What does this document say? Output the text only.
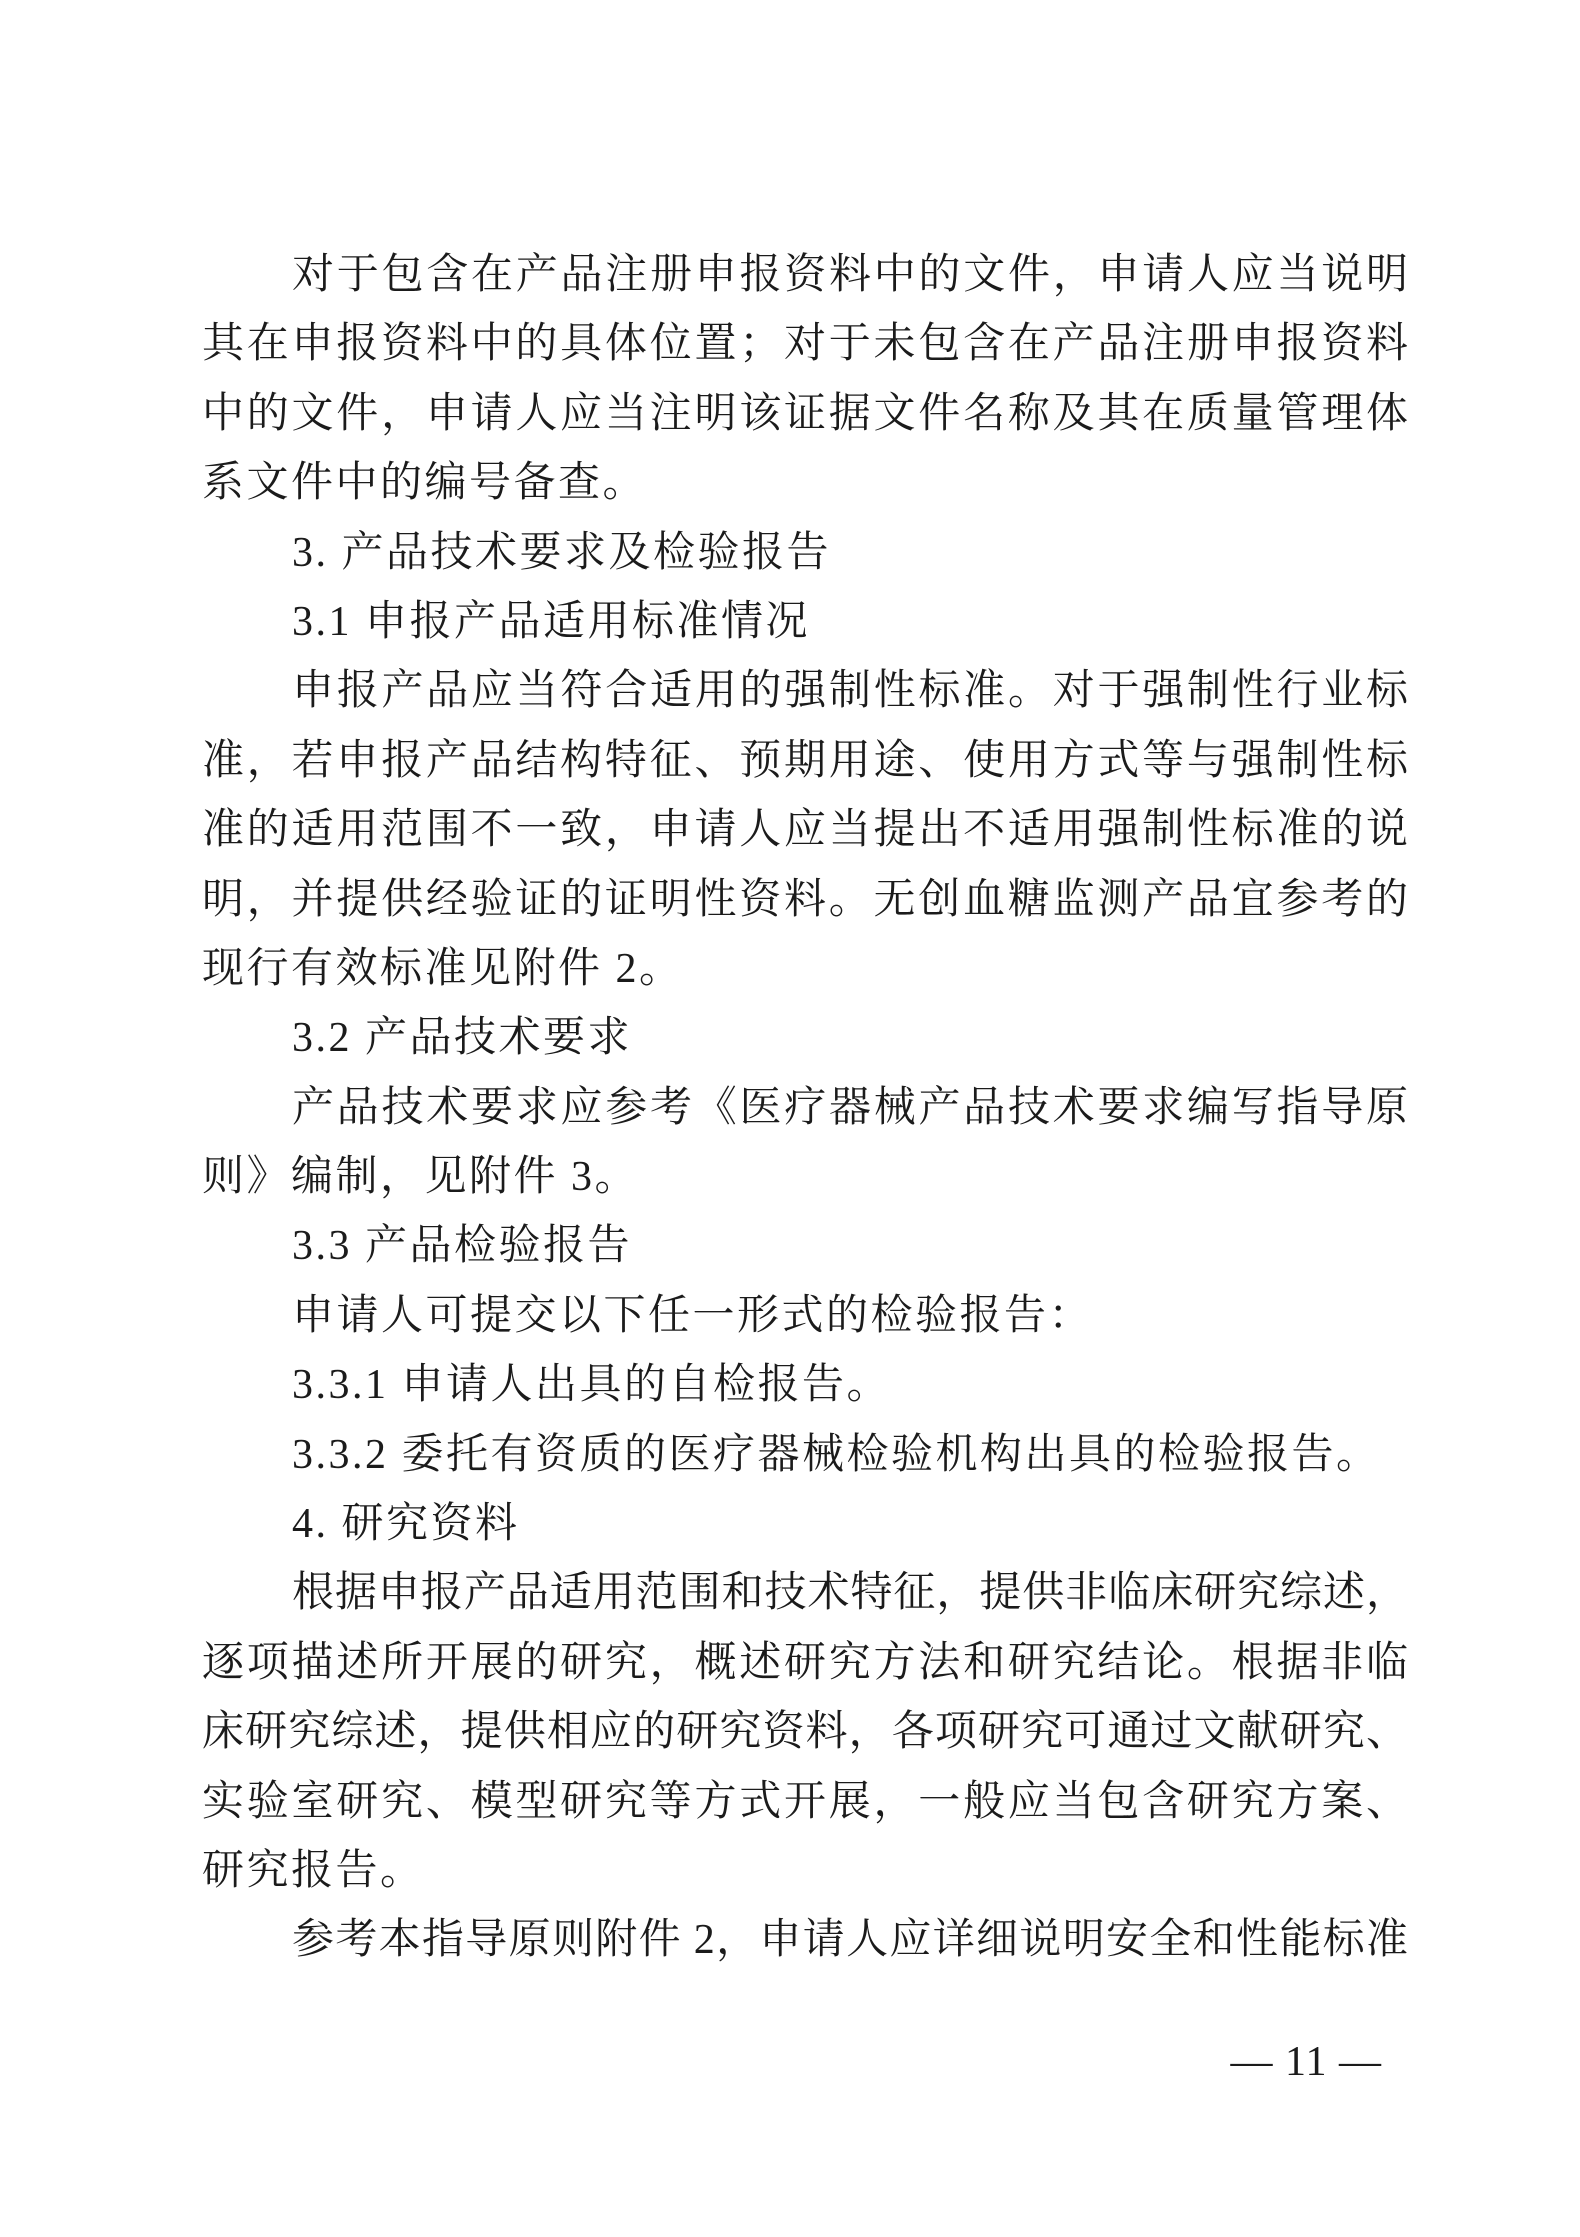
对于包含在产品注册申报资料中的文件，申请人应当说明
其在申报资料中的具体位置；对于未包含在产品注册申报资料
中的文件，申请人应当注明该证据文件名称及其在质量管理体
系文件中的编号备查。
3. 产品技术要求及检验报告
3.1 申报产品适用标准情况
申报产品应当符合适用的强制性标准。对于强制性行业标
准，若申报产品结构特征、预期用途、使用方式等与强制性标
准的适用范围不一致，申请人应当提出不适用强制性标准的说
明，并提供经验证的证明性资料。无创血糖监测产品宜参考的
现行有效标准见附件 2。
3.2 产品技术要求
产品技术要求应参考《医疗器械产品技术要求编写指导原
则》编制，见附件 3。
3.3 产品检验报告
申请人可提交以下任一形式的检验报告：
3.3.1 申请人出具的自检报告。
3.3.2 委托有资质的医疗器械检验机构出具的检验报告。
4. 研究资料
根据申报产品适用范围和技术特征，提供非临床研究综述，
逐项描述所开展的研究，概述研究方法和研究结论。根据非临
床研究综述，提供相应的研究资料，各项研究可通过文献研究、
实验室研究、模型研究等方式开展，一般应当包含研究方案、
研究报告。
参考本指导原则附件 2，申请人应详细说明安全和性能标准
— 11 —
